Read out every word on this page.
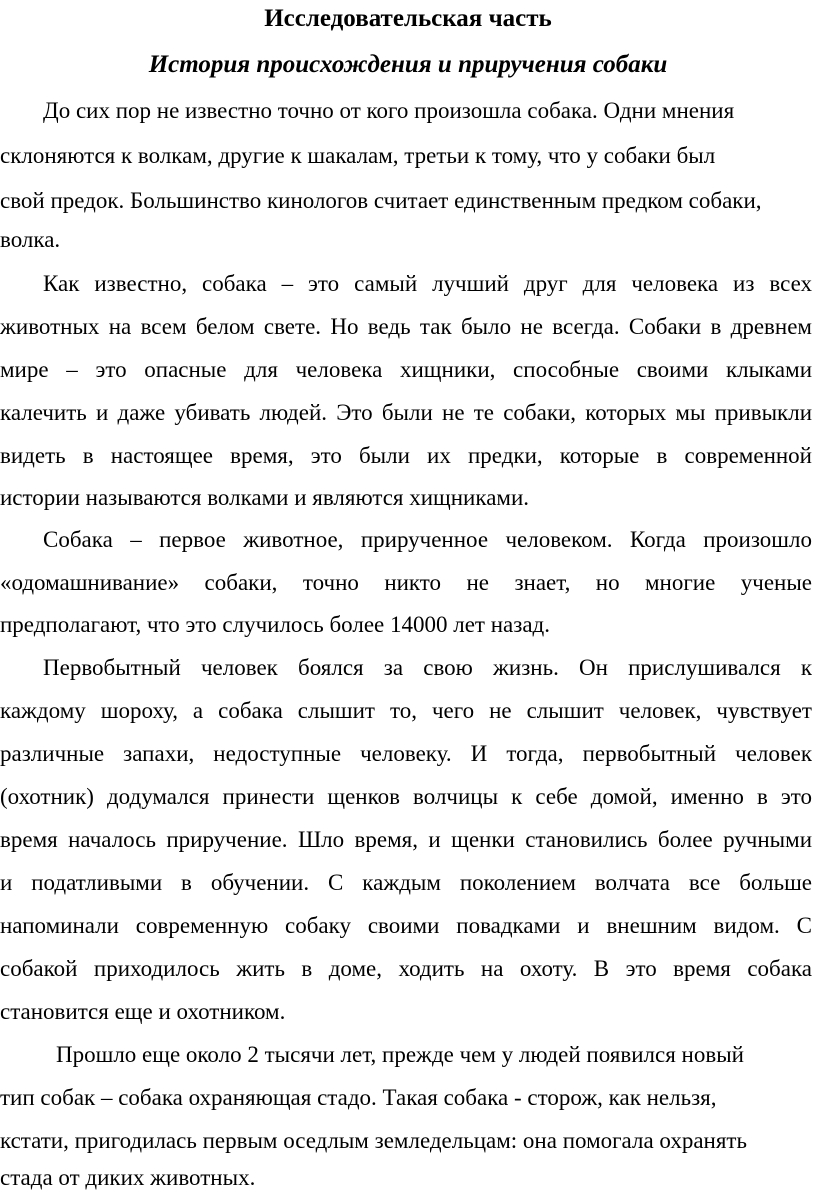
Исследовательская часть
История происхождения и приручения собаки

До сих пор не известно точно от кого произошла собака. Одни мнения

склоняются к волкам, другие к шакалам, третьи к тому, что у собаки был

свой предок. Большинство кинологов считает единственным предком собаки,

волка.

Как известно, собака – это самый лучший друг для человека из всех

животных на всем белом свете. Но ведь так было не всегда. Собаки в древнем

мире – это опасные для человека хищники, способные своими клыками

калечить и даже убивать людей. Это были не те собаки, которых мы привыкли

видеть в настоящее время, это были их предки, которые в современной

истории называются волками и являются хищниками.

Собака – первое животное, прирученное человеком. Когда произошло

«одомашнивание» собаки, точно никто не знает, но многие ученые

предполагают, что это случилось более 14000 лет назад.

Первобытный человек боялся за свою жизнь. Он прислушивался к

каждому шороху, а собака слышит то, чего не слышит человек, чувствует

различные запахи, недоступные человеку. И тогда, первобытный человек

(охотник) додумался принести щенков волчицы к себе домой, именно в это

время началось приручение. Шло время, и щенки становились более ручными

и податливыми в обучении. С каждым поколением волчата все больше

напоминали современную собаку своими повадками и внешним видом. С

собакой приходилось жить в доме, ходить на охоту. В это время собака

становится еще и охотником.

Прошло еще около 2 тысячи лет, прежде чем у людей появился новый

тип собак – собака охраняющая стадо. Такая собака - сторож, как нельзя,

кстати, пригодилась первым оседлым земледельцам: она помогала охранять

стада от диких животных.
